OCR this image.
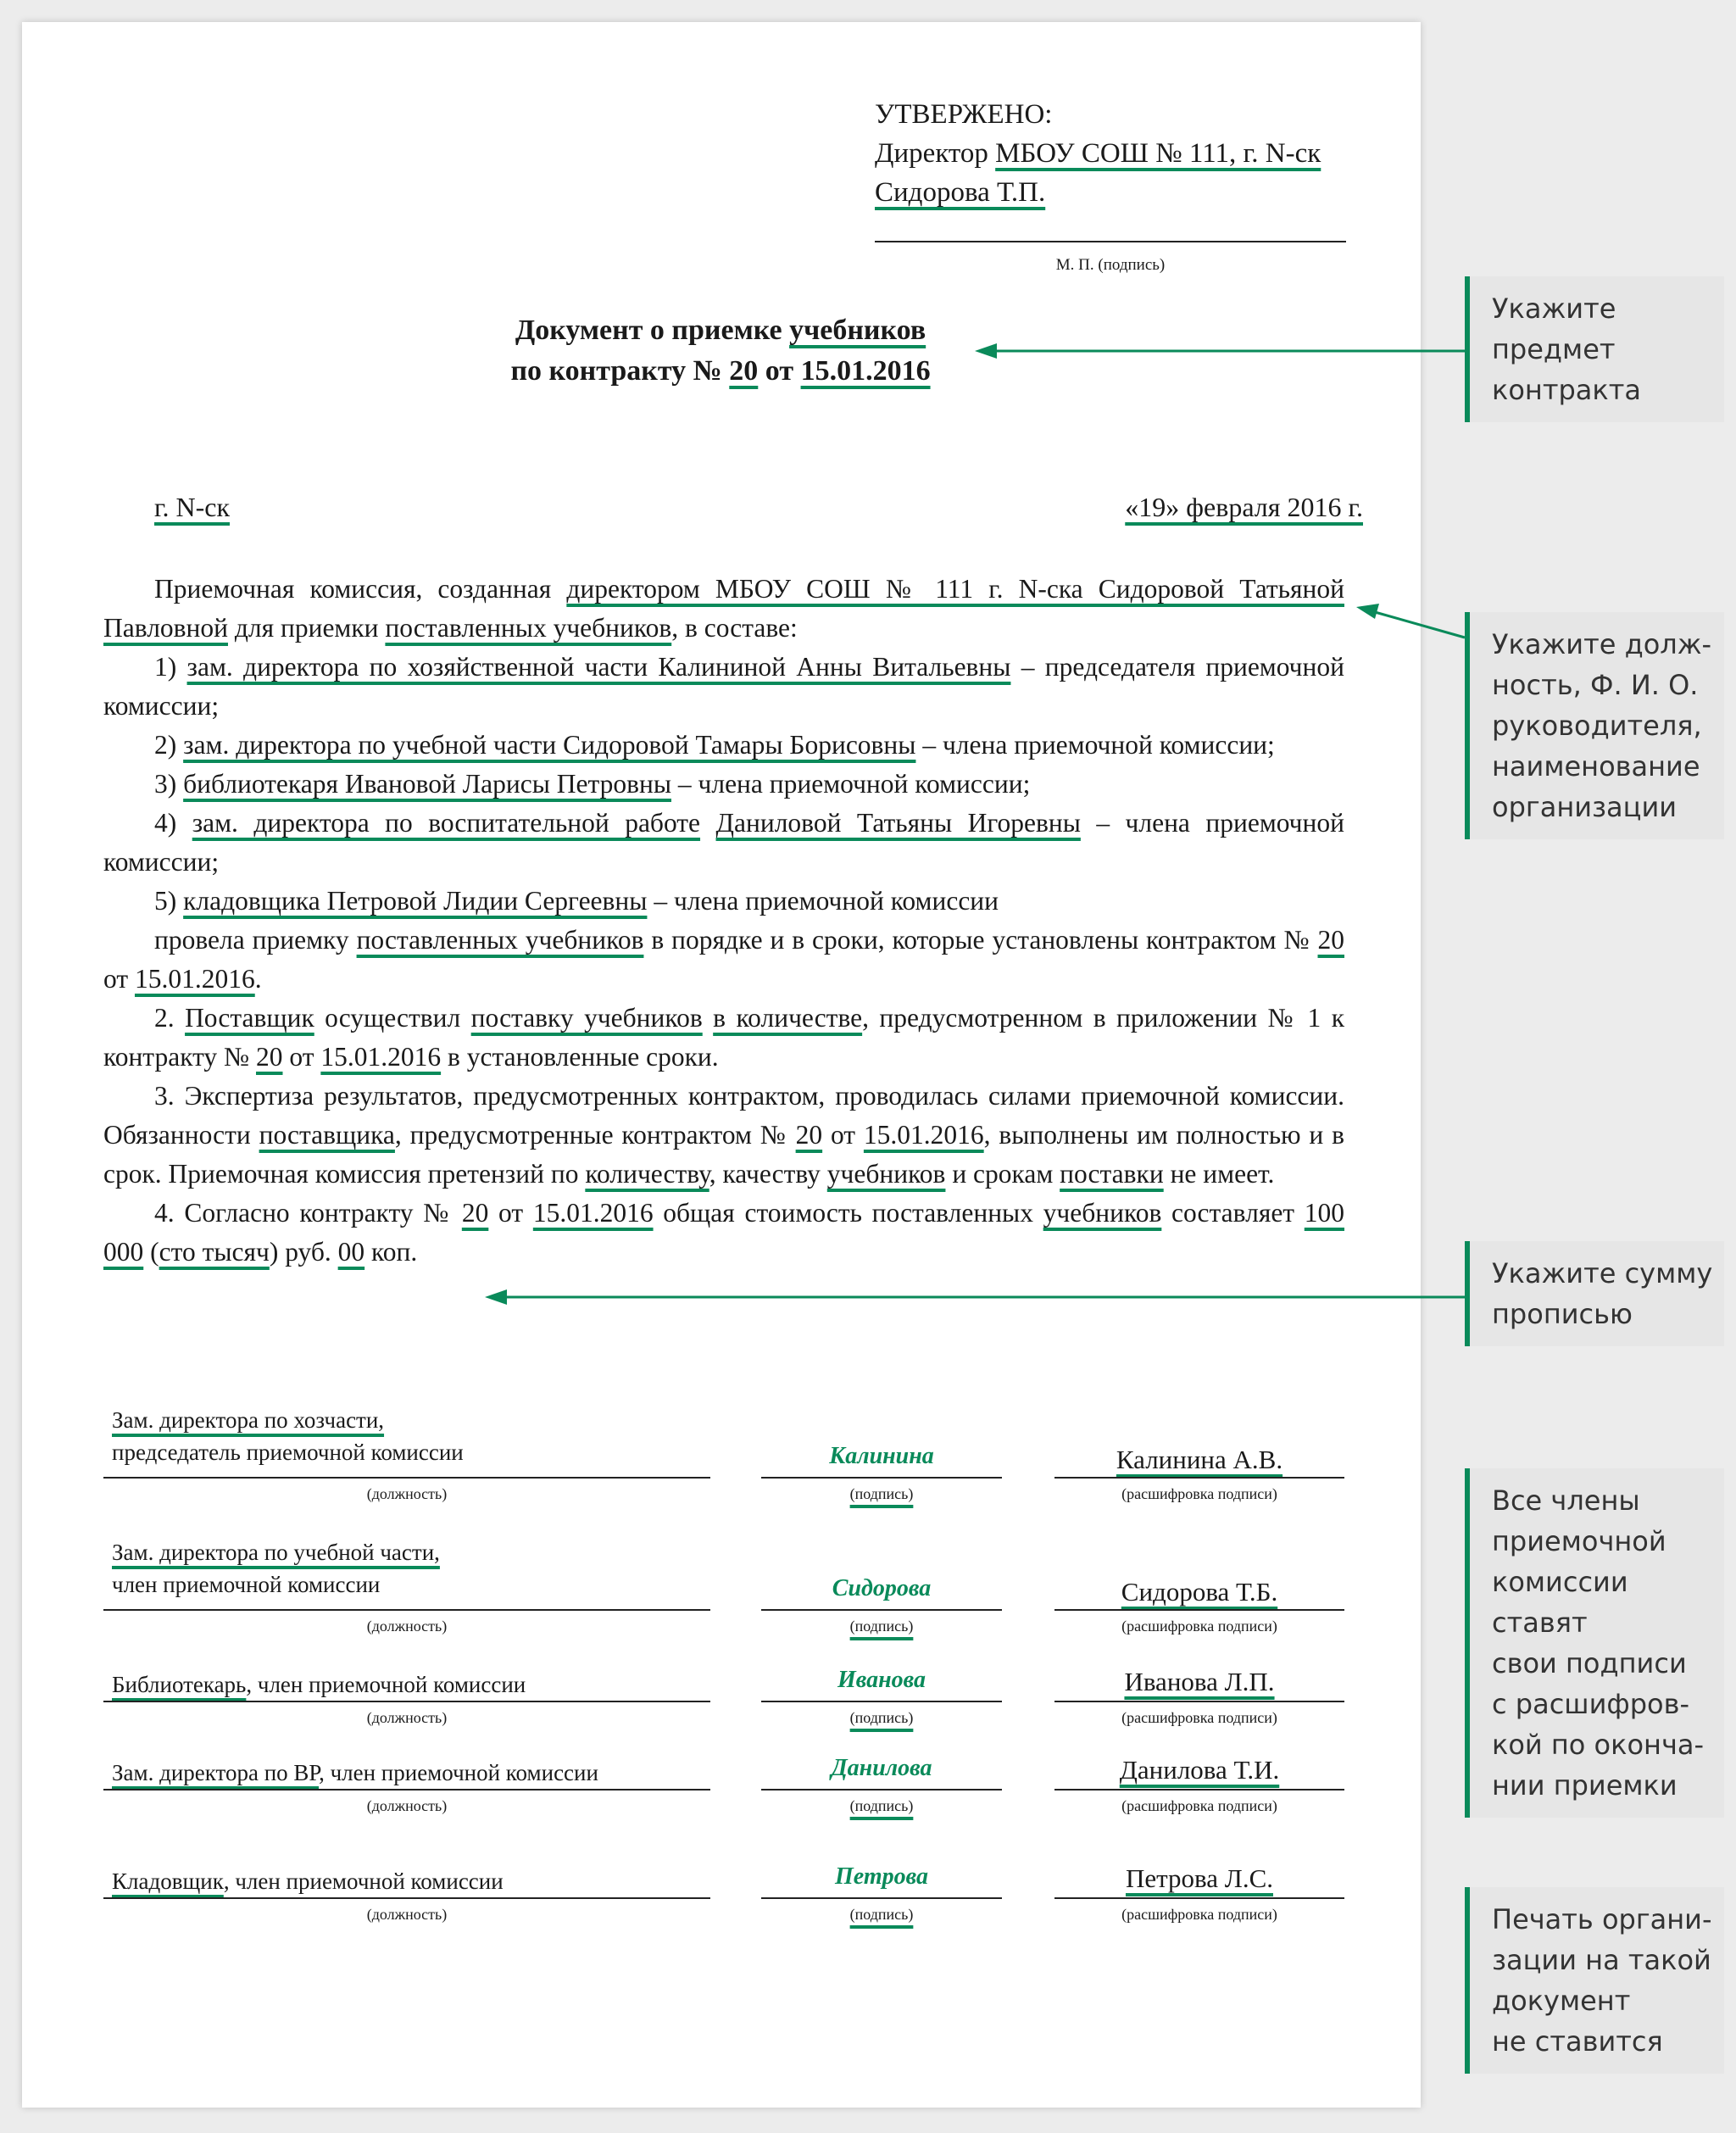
УТВЕРЖЕНО:
Директор МБОУ СОШ № 111, г. N-ск
Сидорова Т.П.
М. П. (подпись)
Документ о приемке учебников
по контракту № 20 от 15.01.2016
г. N-ск	«19» февраля 2016 г.

Приемочная комиссия, созданная директором МБОУ СОШ № 111 г. N-ска Сидоровой Татьяной Павловной для приемки поставленных учебников, в составе:

1) зам. директора по хозяйственной части Калининой Анны Витальевны – председателя приемочной комиссии;

2) зам. директора по учебной части Сидоровой Тамары Борисовны – члена приемочной комиссии;

3) библиотекаря Ивановой Ларисы Петровны – члена приемочной комиссии;

4) зам. директора по воспитательной работе Даниловой Татьяны Игоревны – члена приемочной комиссии;

5) кладовщика Петровой Лидии Сергеевны – члена приемочной комиссии

провела приемку поставленных учебников в порядке и в сроки, которые установлены контрактом № 20 от 15.01.2016.

2. Поставщик осуществил поставку учебников в количестве, предусмотренном в приложении № 1 к контракту № 20 от 15.01.2016 в установленные сроки.

3. Экспертиза результатов, предусмотренных контрактом, проводилась силами приемочной комиссии. Обязанности поставщика, предусмотренные контрактом № 20 от 15.01.2016, выполнены им полностью и в срок. Приемочная комиссия претензий по количеству, качеству учебников и срокам поставки не имеет.

4. Согласно контракту № 20 от 15.01.2016 общая стоимость поставленных учебников составляет 100 000 (сто тысяч) руб. 00 коп.

Зам. директора по хозчасти,
председатель приемочной комиссии
(должность)
Калинина
(подпись)
Калинина А.В.
(расшифровка подписи)
Зам. директора по учебной части,
член приемочной комиссии
(должность)
Сидорова
(подпись)
Сидорова Т.Б.
(расшифровка подписи)
Библиотекарь, член приемочной комиссии
(должность)
Иванова
(подпись)
Иванова Л.П.
(расшифровка подписи)
Зам. директора по ВР, член приемочной комиссии
(должность)
Данилова
(подпись)
Данилова Т.И.
(расшифровка подписи)
Кладовщик, член приемочной комиссии
(должность)
Петрова
(подпись)
Петрова Л.С.
(расшифровка подписи)
Укажите
предмет
контракта
Укажите долж-
ность, Ф. И. О.
руководителя,
наименование
организации
Укажите сумму
прописью
Все члены
приемочной
комиссии ставят
свои подписи
с расшифров-
кой по оконча-
нии приемки
Печать органи-
зации на такой
документ
не ставится
